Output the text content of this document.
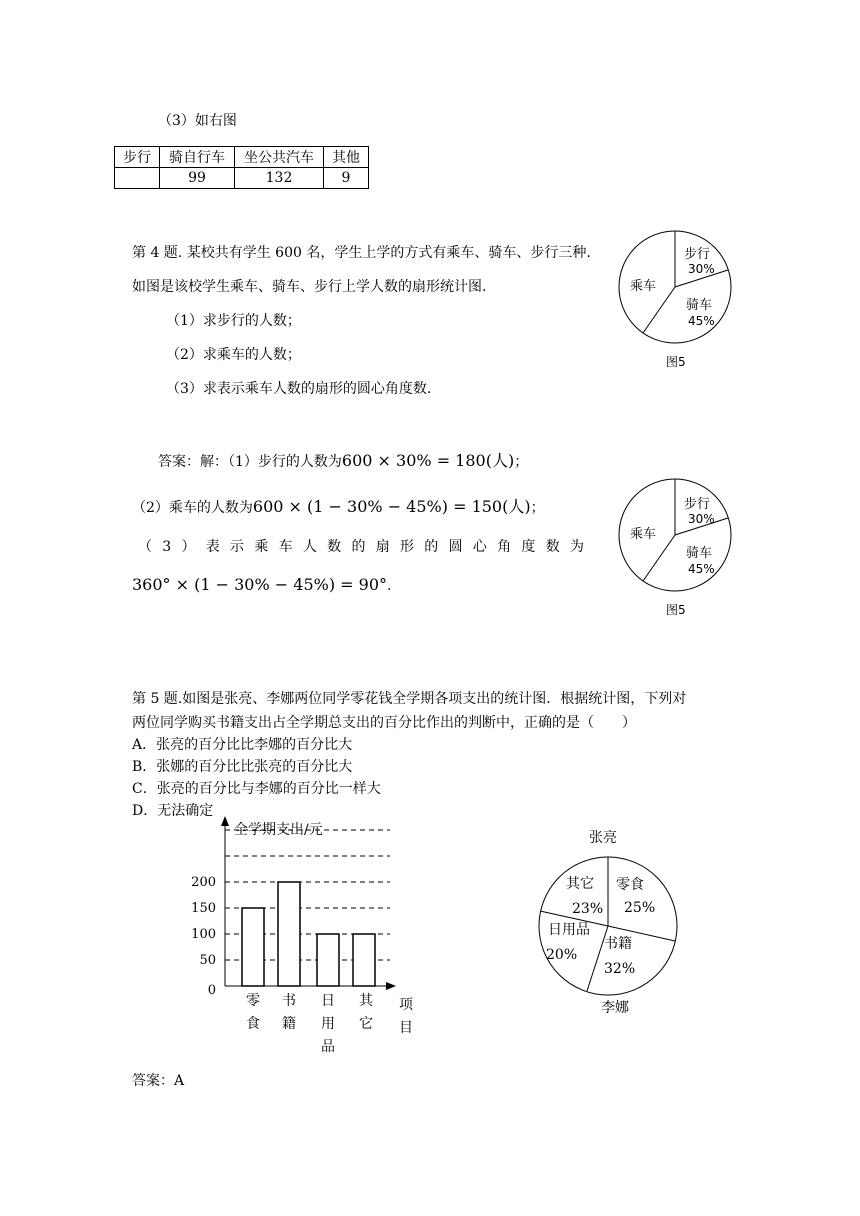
（3）如右图
步行	骑自行车	坐公共汽车	其他
	99	132	9
第 4 题. 某校共有学生 600 名，学生上学的方式有乘车、骑车、步行三种.
如图是该校学生乘车、骑车、步行上学人数的扇形统计图.
（1）求步行的人数；
（2）求乘车的人数；
（3）求表示乘车人数的扇形的圆心角度数.
步行
30%
骑车
45%
乘车
图5
答案：解：（1）步行的人数为600 × 30% = 180(人)；
（2）乘车的人数为600 × (1 − 30% − 45%) = 150(人)；
（ 3 ） 表 示 乘 车 人 数 的 扇 形 的 圆 心 角 度 数 为
360° × (1 − 30% − 45%) = 90°.
步行
30%
骑车
45%
乘车
图5
第 5 题.如图是张亮、李娜两位同学零花钱全学期各项支出的统计图．根据统计图，下列对
两位同学购买书籍支出占全学期总支出的百分比作出的判断中，正确的是（　　）
A．张亮的百分比比李娜的百分比大
B．张娜的百分比比张亮的百分比大
C．张亮的百分比与李娜的百分比一样大
D．无法确定
全学期支出/元
100
50
150
200
0
零
食
书
籍
日
用
品
其
它
项
目
张亮
零食
25%
书籍
32%
日用品
20%
其它
23%
李娜
答案：A
